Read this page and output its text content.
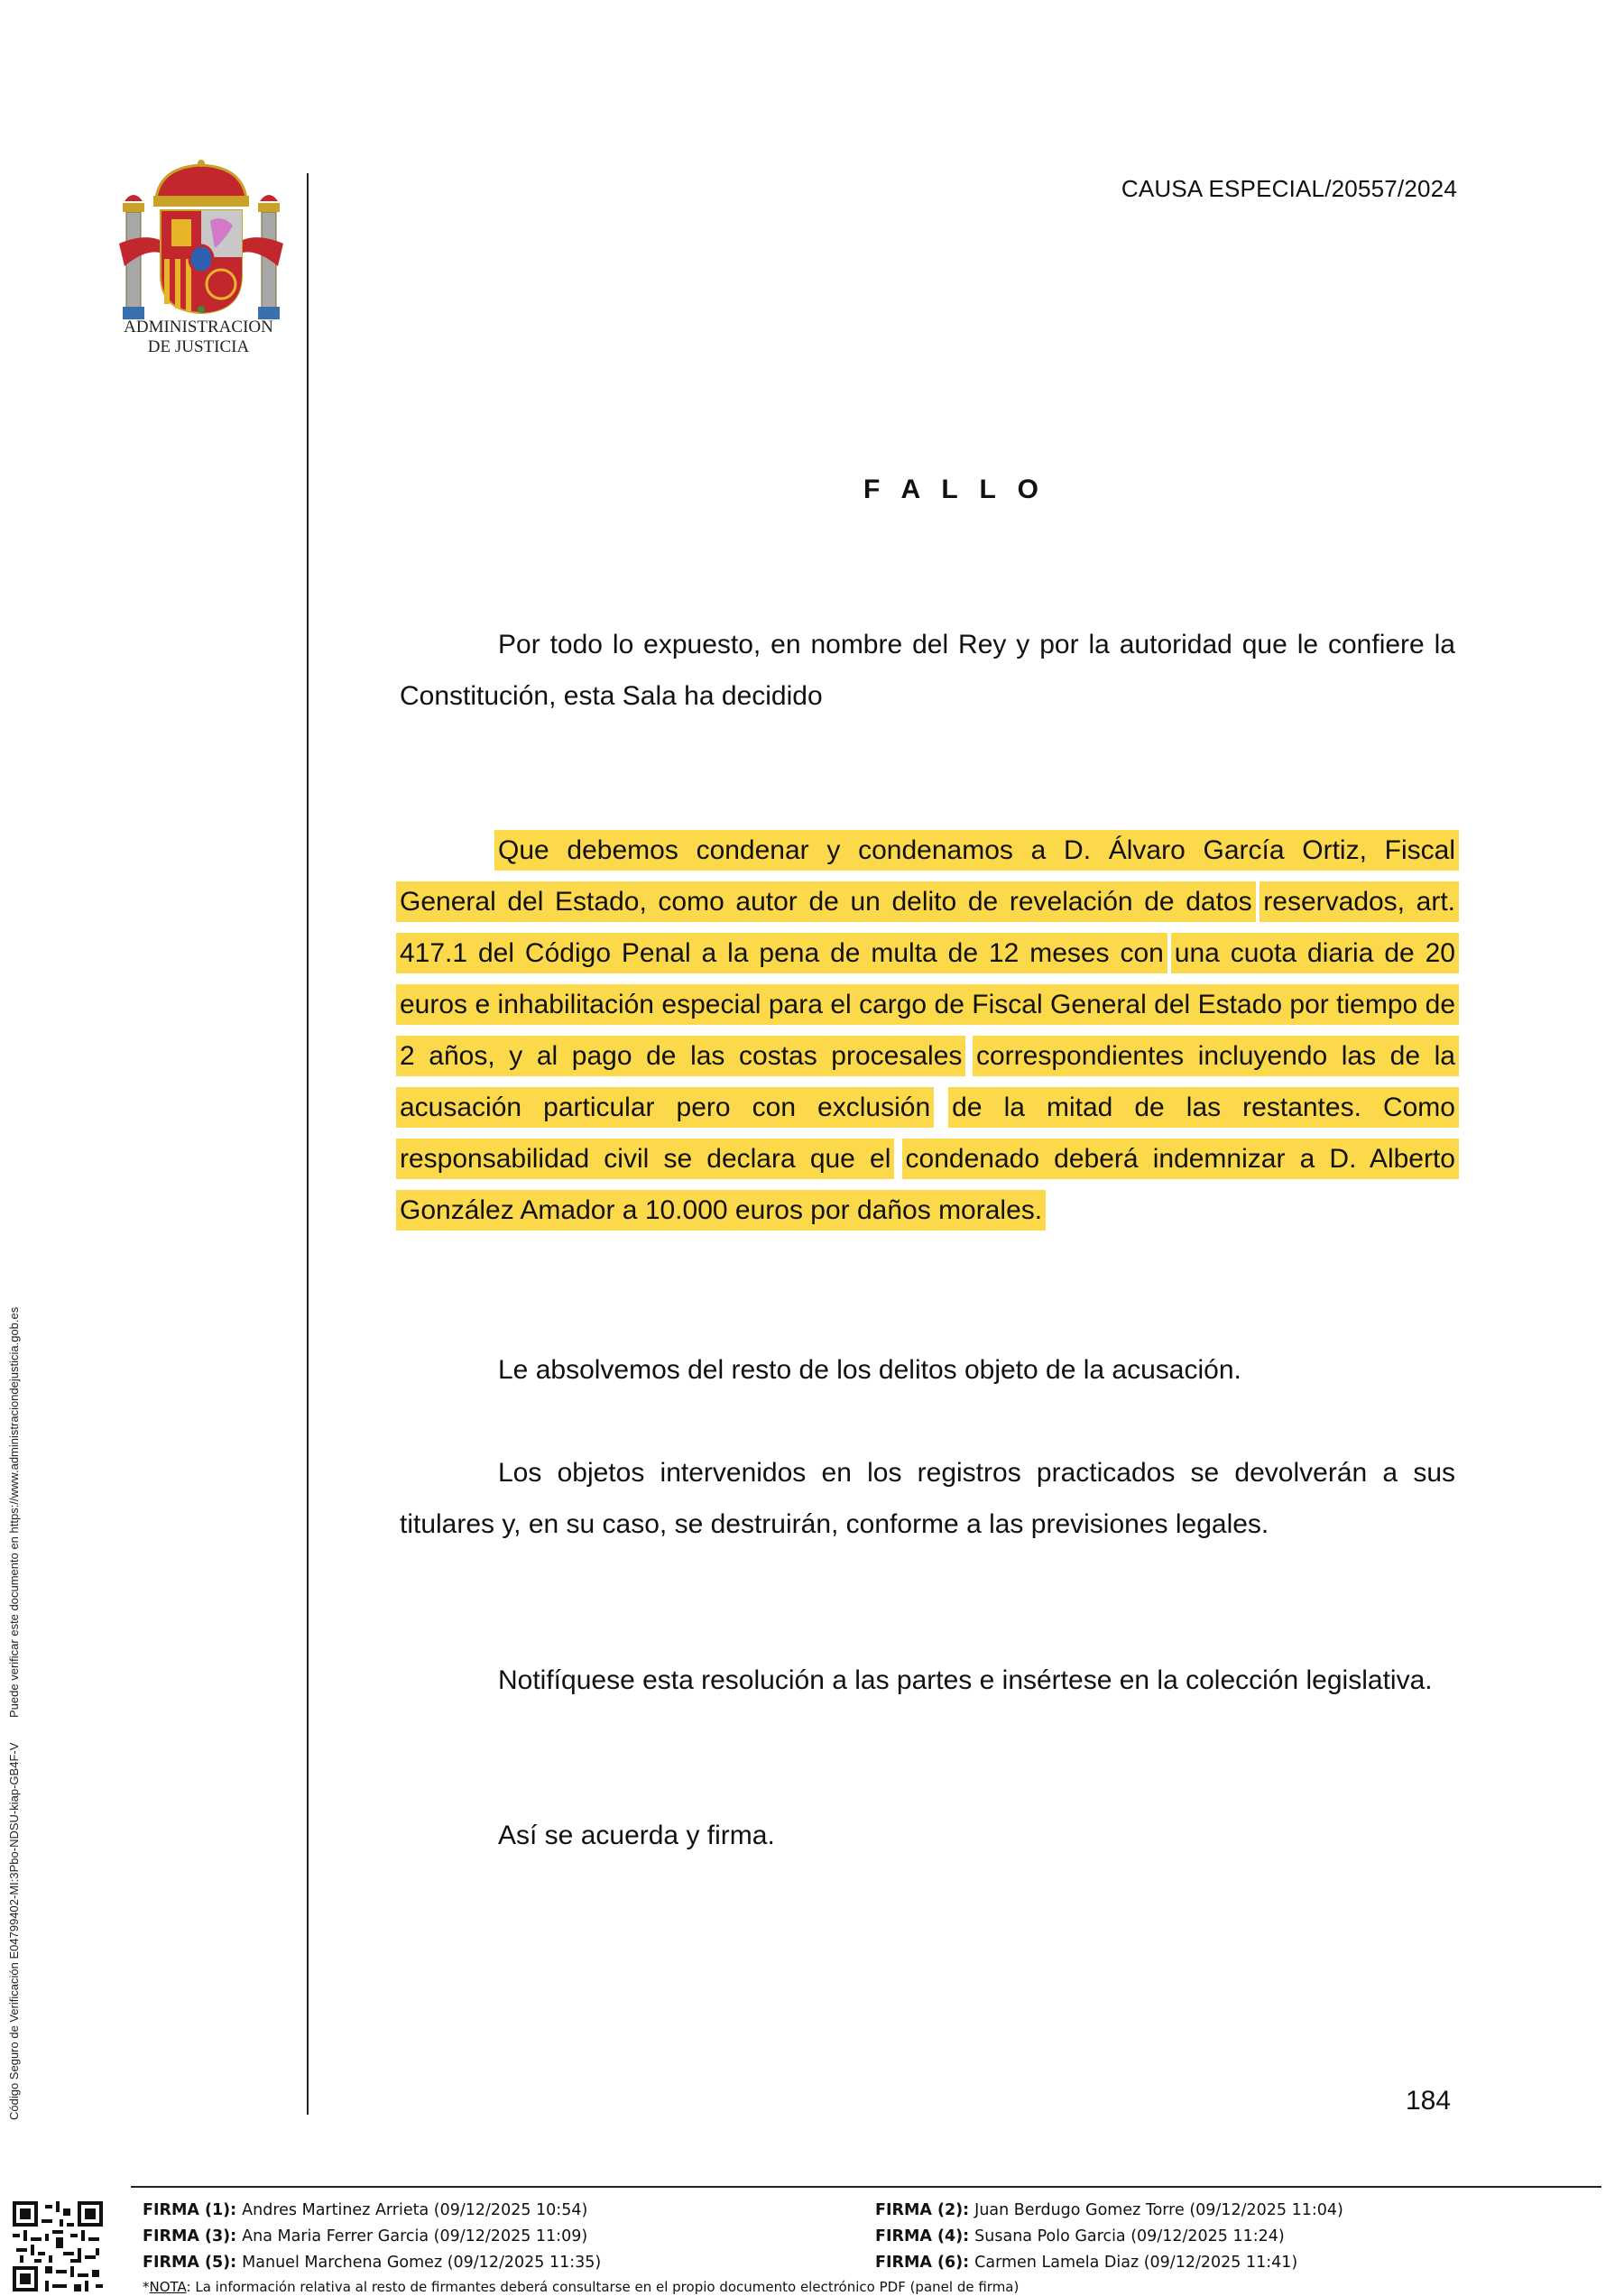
ADMINISTRACION
DE JUSTICIA
CAUSA ESPECIAL/20557/2024
F A L L O

Por todo lo expuesto, en nombre del Rey y por la autoridad que le confiere la Constitución, esta Sala ha decidido

Que debemos condenar y condenamos a D. Álvaro García Ortiz, Fiscal General del Estado, como autor de un delito de revelación de datos reservados, art. 417.1 del Código Penal a la pena de multa de 12 meses con una cuota diaria de 20 euros e inhabilitación especial para el cargo de Fiscal General del Estado por tiempo de 2 años, y al pago de las costas procesales correspondientes incluyendo las de la acusación particular pero con exclusión de la mitad de las restantes. Como responsabilidad civil se declara que el condenado deberá indemnizar a D. Alberto González Amador a 10.000 euros por daños morales.

Le absolvemos del resto de los delitos objeto de la acusación.

Los objetos intervenidos en los registros practicados se devolverán a sus titulares y, en su caso, se destruirán, conforme a las previsiones legales.

Notifíquese esta resolución a las partes e insértese en la colección legislativa.

Así se acuerda y firma.

184
Código Seguro de Verificación E04799402-MI:3Pbo-NDSU-kiap-GB4F-V Puede verificar este documento en https://www.administraciondejusticia.gob.es
FIRMA (1): Andres Martinez Arrieta (09/12/2025 10:54)
FIRMA (3): Ana Maria Ferrer Garcia (09/12/2025 11:09)
FIRMA (5): Manuel Marchena Gomez (09/12/2025 11:35)
FIRMA (2): Juan Berdugo Gomez Torre (09/12/2025 11:04)
FIRMA (4): Susana Polo Garcia (09/12/2025 11:24)
FIRMA (6): Carmen Lamela Diaz (09/12/2025 11:41)
*NOTA: La información relativa al resto de firmantes deberá consultarse en el propio documento electrónico PDF (panel de firma)
